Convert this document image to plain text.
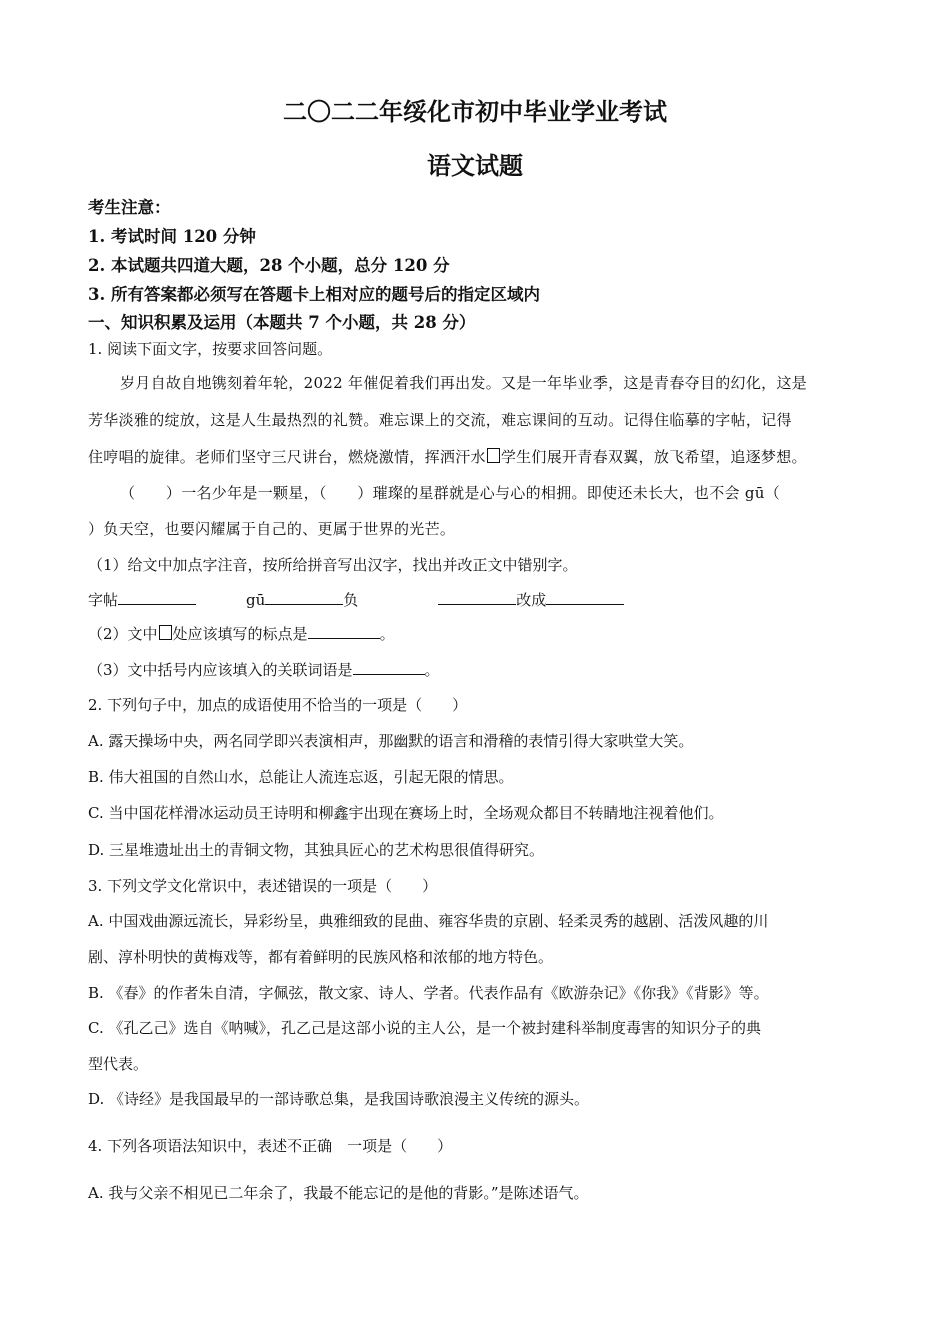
二〇二二年绥化市初中毕业学业考试
语文试题
考生注意：
1. 考试时间 120 分钟
2. 本试题共四道大题，28 个小题，总分 120 分
3. 所有答案都必须写在答题卡上相对应的题号后的指定区域内
一、知识积累及运用（本题共 7 个小题，共 28 分）
1. 阅读下面文字，按要求回答问题。
岁月自故自地镌刻着年轮，2022 年催促着我们再出发。又是一年毕业季，这是青春夺目的幻化，这是
芳华淡雅的绽放，这是人生最热烈的礼赞。难忘课上的交流，难忘课间的互动。记得住临摹的字帖，记得
住哼唱的旋律。老师们坚守三尺讲台，燃烧激情，挥洒汗水 学生们展开青春双翼，放飞希望，追逐梦想。
（　　）一名少年是一颗星，（　　）璀璨的星群就是心与心的相拥。即使还未长大，也不会 gū（
）负天空，也要闪耀属于自己的、更属于世界的光芒。
（1）给文中加点字注音，按所给拼音写出汉字，找出并改正文中错别字。
字帖	gū	负	改成
（2）文中 处应该填写的标点是	。
（3）文中括号内应该填入的关联词语是	。
2. 下列句子中，加点的成语使用不恰当的一项是（　　）
A. 露天操场中央，两名同学即兴表演相声，那幽默的语言和滑稽的表情引得大家哄堂大笑。
B. 伟大祖国的自然山水，总能让人流连忘返，引起无限的情思。
C. 当中国花样滑冰运动员王诗明和柳鑫宇出现在赛场上时，全场观众都目不转睛地注视着他们。
D. 三星堆遗址出土的青铜文物，其独具匠心的艺术构思很值得研究。
3. 下列文学文化常识中，表述错误的一项是（　　）
A. 中国戏曲源远流长，异彩纷呈，典雅细致的昆曲、雍容华贵的京剧、轻柔灵秀的越剧、活泼风趣的川
剧、淳朴明快的黄梅戏等，都有着鲜明的民族风格和浓郁的地方特色。
B. 《春》的作者朱自清，字佩弦，散文家、诗人、学者。代表作品有《欧游杂记》《你我》《背影》等。
C. 《孔乙己》选自《呐喊》，孔乙己是这部小说的主人公，是一个被封建科举制度毒害的知识分子的典
型代表。
D. 《诗经》是我国最早的一部诗歌总集，是我国诗歌浪漫主义传统的源头。
4. 下列各项语法知识中，表述不正确　一项是（　　）
A. 我与父亲不相见已二年余了，我最不能忘记的是他的背影。”是陈述语气。
